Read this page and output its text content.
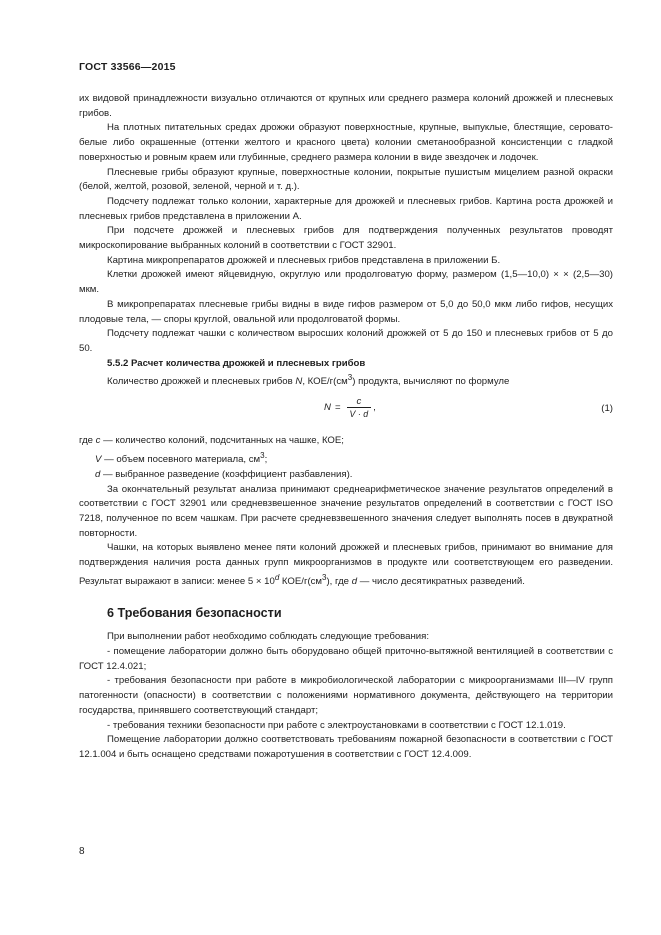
ГОСТ 33566—2015

их видовой принадлежности визуально отличаются от крупных или среднего размера колоний дрожжей и плесневых грибов.

На плотных питательных средах дрожжи образуют поверхностные, крупные, выпуклые, блестящие, серовато-белые либо окрашенные (оттенки желтого и красного цвета) колонии сметанообразной консистенции с гладкой поверхностью и ровным краем или глубинные, среднего размера колонии в виде звездочек и лодочек.

Плесневые грибы образуют крупные, поверхностные колонии, покрытые пушистым мицелием разной окраски (белой, желтой, розовой, зеленой, черной и т. д.).

Подсчету подлежат только колонии, характерные для дрожжей и плесневых грибов. Картина роста дрожжей и плесневых грибов представлена в приложении А.

При подсчете дрожжей и плесневых грибов для подтверждения полученных результатов проводят микроскопирование выбранных колоний в соответствии с ГОСТ 32901.

Картина микропрепаратов дрожжей и плесневых грибов представлена в приложении Б.

Клетки дрожжей имеют яйцевидную, округлую или продолговатую форму, размером (1,5—10,0) × × (2,5—30) мкм.

В микропрепаратах плесневые грибы видны в виде гифов размером от 5,0 до 50,0 мкм либо гифов, несущих плодовые тела, — споры круглой, овальной или продолговатой формы.

Подсчету подлежат чашки с количеством выросших колоний дрожжей от 5 до 150 и плесневых грибов от 5 до 50.

5.5.2 Расчет количества дрожжей и плесневых грибов

Количество дрожжей и плесневых грибов N, КОЕ/$г(см^3)$ продукта, вычисляют по формуле

$N = \frac{c}{V \cdot d}$ ,	(1)

где c — количество колоний, подсчитанных на чашке, КОЕ;

V — объем посевного материала, $см^3$;

d — выбранное разведение (коэффициент разбавления).

За окончательный результат анализа принимают среднеарифметическое значение результатов определений в соответствии с ГОСТ 32901 или средневзвешенное значение результатов определений в соответствии с ГОСТ ISO 7218, полученное по всем чашкам. При расчете средневзвешенного значения следует выполнять посев в двукратной повторности.

Чашки, на которых выявлено менее пяти колоний дрожжей и плесневых грибов, принимают во внимание для подтверждения наличия роста данных групп микроорганизмов в продукте или соответствующем его разведении. Результат выражают в записи: менее $5 \times 10^d$ КОЕ/$г(см^3)$, где d — число десятикратных разведений.

6 Требования безопасности

При выполнении работ необходимо соблюдать следующие требования:

- помещение лаборатории должно быть оборудовано общей приточно-вытяжной вентиляцией в соответствии с ГОСТ 12.4.021;

- требования безопасности при работе в микробиологической лаборатории с микроорганизмами III—IV групп патогенности (опасности) в соответствии с положениями нормативного документа, действующего на территории государства, принявшего соответствующий стандарт;

- требования техники безопасности при работе с электроустановками в соответствии с ГОСТ 12.1.019.

Помещение лаборатории должно соответствовать требованиям пожарной безопасности в соответствии с ГОСТ 12.1.004 и быть оснащено средствами пожаротушения в соответствии с ГОСТ 12.4.009.

8
